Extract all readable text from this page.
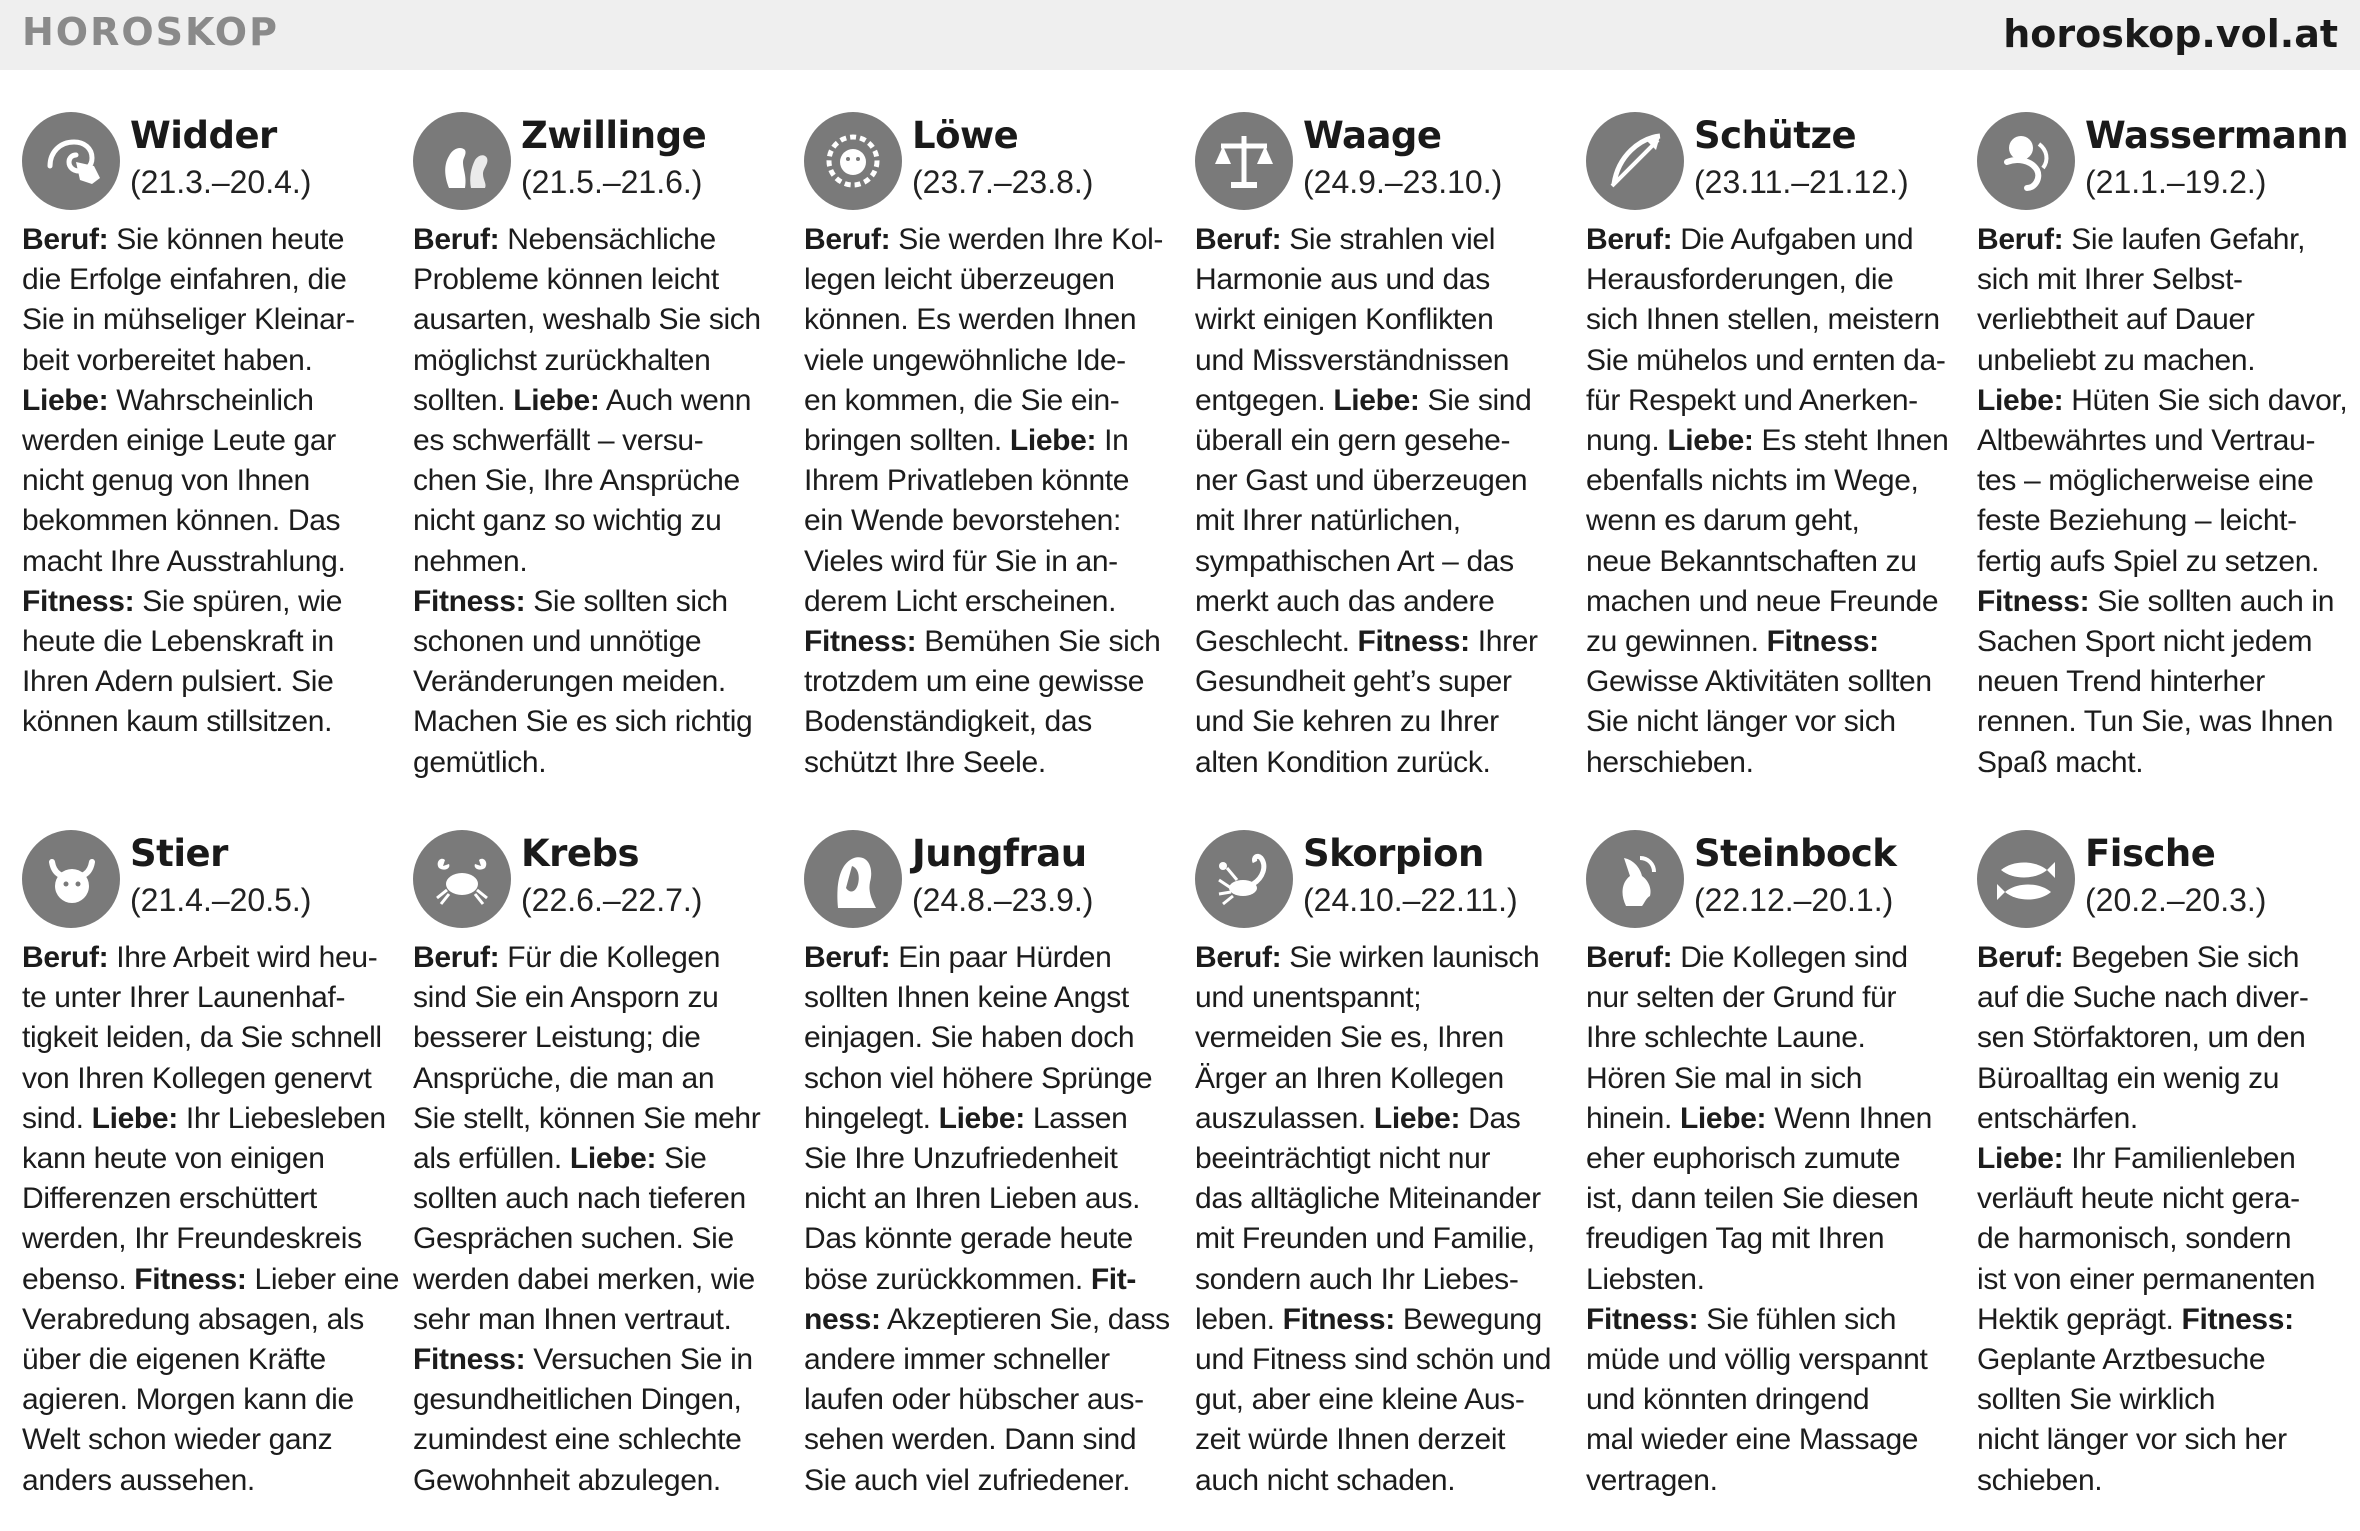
HOROSKOP	horoskop.vol.at
Widder
(21.3.–20.4.)
Beruf: Sie können heute
die Erfolge einfahren, die
Sie in mühseliger Kleinar-
beit vorbereitet haben.
Liebe: Wahrscheinlich
werden einige Leute gar
nicht genug von Ihnen
bekommen können. Das
macht Ihre Ausstrahlung.
Fitness: Sie spüren, wie
heute die Lebenskraft in
Ihren Adern pulsiert. Sie
können kaum stillsitzen.
Zwillinge
(21.5.–21.6.)
Beruf: Nebensächliche
Probleme können leicht
ausarten, weshalb Sie sich
möglichst zurückhalten
sollten. Liebe: Auch wenn
es schwerfällt – versu-
chen Sie, Ihre Ansprüche
nicht ganz so wichtig zu
nehmen.
Fitness: Sie sollten sich
schonen und unnötige
Veränderungen meiden.
Machen Sie es sich richtig
gemütlich.
Löwe
(23.7.–23.8.)
Beruf: Sie werden Ihre Kol-
legen leicht überzeugen
können. Es werden Ihnen
viele ungewöhnliche Ide-
en kommen, die Sie ein-
bringen sollten. Liebe: In
Ihrem Privatleben könnte
ein Wende bevorstehen:
Vieles wird für Sie in an-
derem Licht erscheinen.
Fitness: Bemühen Sie sich
trotzdem um eine gewisse
Bodenständigkeit, das
schützt Ihre Seele.
Waage
(24.9.–23.10.)
Beruf: Sie strahlen viel
Harmonie aus und das
wirkt einigen Konflikten
und Missverständnissen
entgegen. Liebe: Sie sind
überall ein gern gesehe-
ner Gast und überzeugen
mit Ihrer natürlichen,
sympathischen Art – das
merkt auch das andere
Geschlecht. Fitness: Ihrer
Gesundheit geht’s super
und Sie kehren zu Ihrer
alten Kondition zurück.
Schütze
(23.11.–21.12.)
Beruf: Die Aufgaben und
Herausforderungen, die
sich Ihnen stellen, meistern
Sie mühelos und ernten da-
für Respekt und Anerken-
nung. Liebe: Es steht Ihnen
ebenfalls nichts im Wege,
wenn es darum geht,
neue Bekanntschaften zu
machen und neue Freunde
zu gewinnen. Fitness:
Gewisse Aktivitäten sollten
Sie nicht länger vor sich
herschieben.
Wassermann
(21.1.–19.2.)
Beruf: Sie laufen Gefahr,
sich mit Ihrer Selbst-
verliebtheit auf Dauer
unbeliebt zu machen.
Liebe: Hüten Sie sich davor,
Altbewährtes und Vertrau-
tes – möglicherweise eine
feste Beziehung – leicht-
fertig aufs Spiel zu setzen.
Fitness: Sie sollten auch in
Sachen Sport nicht jedem
neuen Trend hinterher
rennen. Tun Sie, was Ihnen
Spaß macht.
Stier
(21.4.–20.5.)
Beruf: Ihre Arbeit wird heu-
te unter Ihrer Launenhaf-
tigkeit leiden, da Sie schnell
von Ihren Kollegen genervt
sind. Liebe: Ihr Liebesleben
kann heute von einigen
Differenzen erschüttert
werden, Ihr Freundeskreis
ebenso. Fitness: Lieber eine
Verabredung absagen, als
über die eigenen Kräfte
agieren. Morgen kann die
Welt schon wieder ganz
anders aussehen.
Krebs
(22.6.–22.7.)
Beruf: Für die Kollegen
sind Sie ein Ansporn zu
besserer Leistung; die
Ansprüche, die man an
Sie stellt, können Sie mehr
als erfüllen. Liebe: Sie
sollten auch nach tieferen
Gesprächen suchen. Sie
werden dabei merken, wie
sehr man Ihnen vertraut.
Fitness: Versuchen Sie in
gesundheitlichen Dingen,
zumindest eine schlechte
Gewohnheit abzulegen.
Jungfrau
(24.8.–23.9.)
Beruf: Ein paar Hürden
sollten Ihnen keine Angst
einjagen. Sie haben doch
schon viel höhere Sprünge
hingelegt. Liebe: Lassen
Sie Ihre Unzufriedenheit
nicht an Ihren Lieben aus.
Das könnte gerade heute
böse zurückkommen. Fit-
ness: Akzeptieren Sie, dass
andere immer schneller
laufen oder hübscher aus-
sehen werden. Dann sind
Sie auch viel zufriedener.
Skorpion
(24.10.–22.11.)
Beruf: Sie wirken launisch
und unentspannt;
vermeiden Sie es, Ihren
Ärger an Ihren Kollegen
auszulassen. Liebe: Das
beeinträchtigt nicht nur
das alltägliche Miteinander
mit Freunden und Familie,
sondern auch Ihr Liebes-
leben. Fitness: Bewegung
und Fitness sind schön und
gut, aber eine kleine Aus-
zeit würde Ihnen derzeit
auch nicht schaden.
Steinbock
(22.12.–20.1.)
Beruf: Die Kollegen sind
nur selten der Grund für
Ihre schlechte Laune.
Hören Sie mal in sich
hinein. Liebe: Wenn Ihnen
eher euphorisch zumute
ist, dann teilen Sie diesen
freudigen Tag mit Ihren
Liebsten.
Fitness: Sie fühlen sich
müde und völlig verspannt
und könnten dringend
mal wieder eine Massage
vertragen.
Fische
(20.2.–20.3.)
Beruf: Begeben Sie sich
auf die Suche nach diver-
sen Störfaktoren, um den
Büroalltag ein wenig zu
entschärfen.
Liebe: Ihr Familienleben
verläuft heute nicht gera-
de harmonisch, sondern
ist von einer permanenten
Hektik geprägt. Fitness:
Geplante Arztbesuche
sollten Sie wirklich
nicht länger vor sich her
schieben.
